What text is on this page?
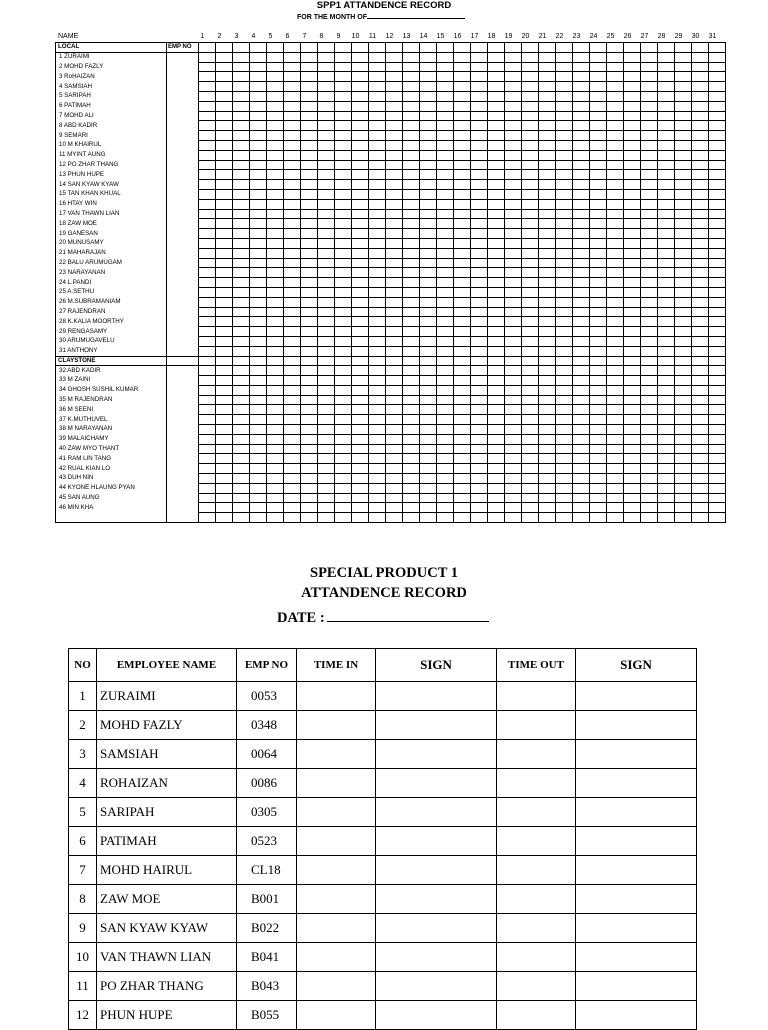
SPP1 ATTANDENCE RECORD
FOR THE MONTH OF
NAME	1	2	3	4	5	6	7	8	9	10	11	12	13	14	15	16	17	18	19	20	21	22	23	24	25	26	27	28	29	30	31
LOCAL	EMP NO																															
1 ZURAIMI																																
2 MOHD FAZLY																																
3 RoHAIZAN																																
4 SAMSIAH																																
5 SARIPAH																																
6 PATIMAH																																
7 MOHD ALI																																
8 ABD KADIR																																
9 SEMARI																																
10 M KHAIRUL																																
11 MYINT AUNG																																
12 PO ZHAR THANG																																
13 PHUN HUPE																																
14 SAN KYAW KYAW																																
15 TAN KHAN KHUAL																																
16 HTAY WIN																																
17 VAN THAWN LIAN																																
18 ZAW MOE																																
19 GANESAN																																
20 MUNUSAMY																																
21 MAHARAJAN																																
22 BALU ARUMUGAM																																
23 NARAYANAN																																
24 L.PANDI																																
25 A.SETHU																																
26 M.SUBRAMANIAM																																
27 RAJENDRAN																																
28 K.KALIA MOORTHY																																
29 RENGASAMY																																
30 ARUMUGAVELU																																
31 ANTHONY																																
CLAYSTONE																																
32 ABD KADIR																																
33 M ZAINI																																
34 GHOSH SUSHIL KUMAR																																
35 M RAJENDRAN																																
36 M SEENI																																
37 K.MUTHUVEL																																
38 M NARAYANAN																																
39 MALAICHAMY																																
40 ZAW MYO THANT																																
41 RAM LIN TANG																																
42 RUAL KIAN LO																																
43 DUH NIN																																
44 KYONE HLAUNG PYAN																																
45 SAN AUNG																																
46 MIN KHA																																

SPECIAL PRODUCT 1
ATTANDENCE RECORD
DATE :
NO	EMPLOYEE NAME	EMP NO	TIME IN	SIGN	TIME OUT	SIGN
1	ZURAIMI	0053				
2	MOHD FAZLY	0348				
3	SAMSIAH	0064				
4	ROHAIZAN	0086				
5	SARIPAH	0305				
6	PATIMAH	0523				
7	MOHD HAIRUL	CL18				
8	ZAW MOE	B001				
9	SAN KYAW KYAW	B022				
10	VAN THAWN LIAN	B041				
11	PO ZHAR THANG	B043				
12	PHUN HUPE	B055				
